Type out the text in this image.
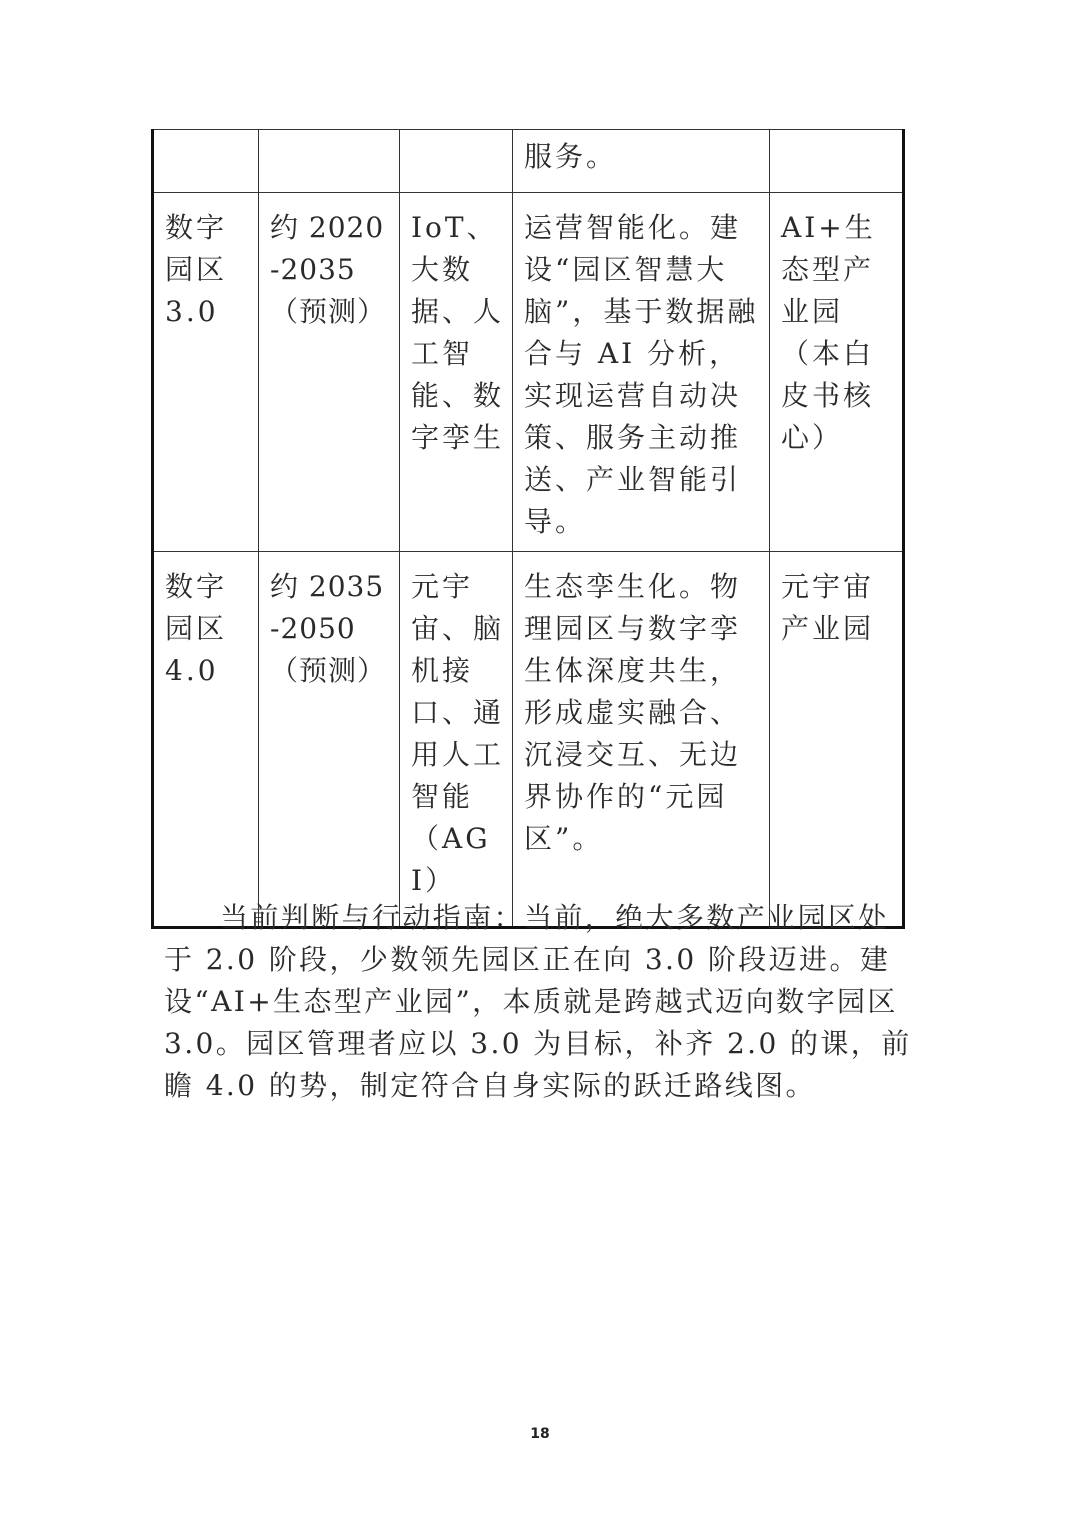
			服务。	
数字园区3.0	约 2020-2035 （预测）	IoT、大数据、人工智能、数字孪生	运营智能化。建设“园区智慧大脑”，基于数据融合与 AI 分析，实现运营自动决策、服务主动推送、产业智能引导。	AI+生态型产业园（本白皮书核心）
数字园区4.0	约 2035-2050 （预测）	元宇宙、脑机接口、通用人工智能（AGI）	生态孪生化。物理园区与数字孪生体深度共生，形成虚实融合、沉浸交互、无边界协作的“元园区”。	元宇宙产业园

当前判断与行动指南：当前，绝大多数产业园区处于 2.0 阶段，少数领先园区正在向 3.0 阶段迈进。建设“AI+生态型产业园”，本质就是跨越式迈向数字园区 3.0。园区管理者应以 3.0 为目标，补齐 2.0 的课，前瞻 4.0 的势，制定符合自身实际的跃迁路线图。

18
